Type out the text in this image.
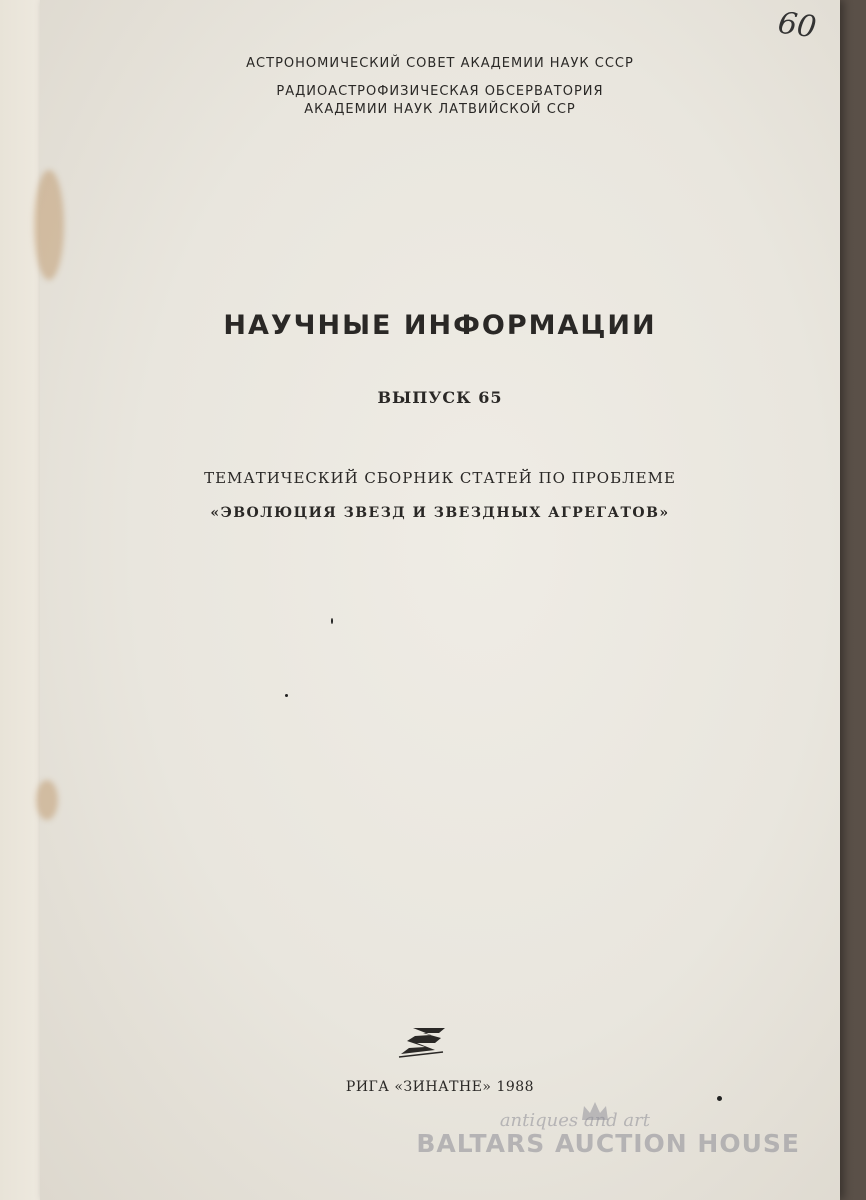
60
АСТРОНОМИЧЕСКИЙ СОВЕТ АКАДЕМИИ НАУК СССР
РАДИОАСТРОФИЗИЧЕСКАЯ ОБСЕРВАТОРИЯ
АКАДЕМИИ НАУК ЛАТВИЙСКОЙ ССР
НАУЧНЫЕ ИНФОРМАЦИИ
ВЫПУСК 65
ТЕМАТИЧЕСКИЙ СБОРНИК СТАТЕЙ ПО ПРОБЛЕМЕ
«ЭВОЛЮЦИЯ ЗВЕЗД И ЗВЕЗДНЫХ АГРЕГАТОВ»
РИГА «ЗИНАТНЕ» 1988
antiques and art
BALTARS AUCTION HOUSE
